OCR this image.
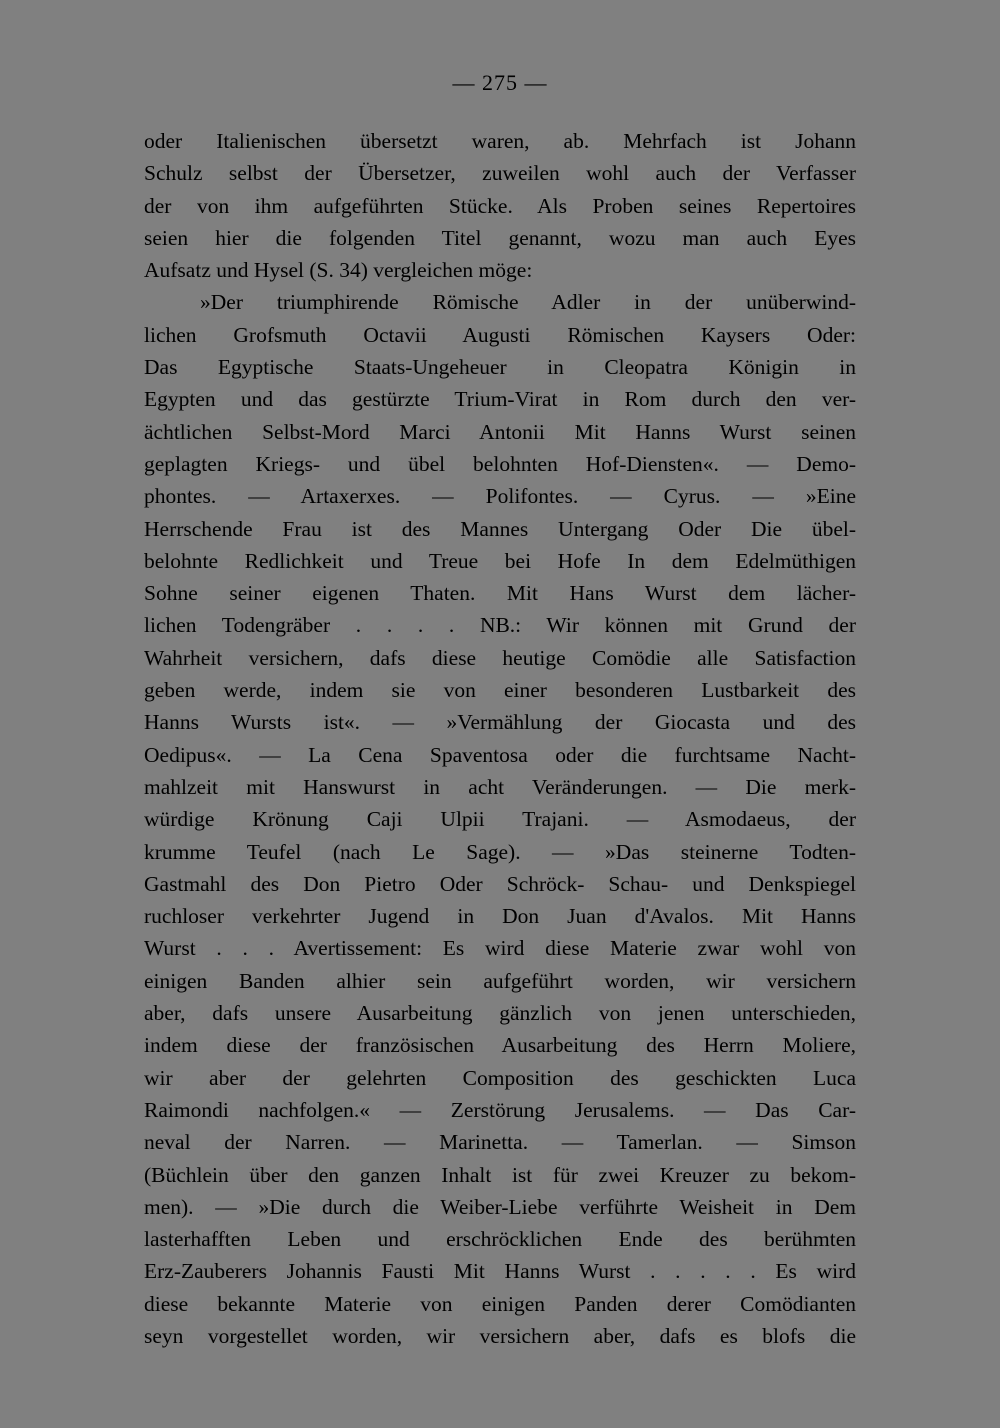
— 275 —
oder Italienischen übersetzt waren, ab. Mehrfach ist Johann
Schulz selbst der Übersetzer, zuweilen wohl auch der Verfasser
der von ihm aufgeführten Stücke. Als Proben seines Repertoires
seien hier die folgenden Titel genannt, wozu man auch Eyes
Aufsatz und Hysel (S. 34) vergleichen möge:
»Der triumphirende Römische Adler in der unüberwind-
lichen Grofsmuth Octavii Augusti Römischen Kaysers Oder:
Das Egyptische Staats-Ungeheuer in Cleopatra Königin in
Egypten und das gestürzte Trium-Virat in Rom durch den ver-
ächtlichen Selbst-Mord Marci Antonii Mit Hanns Wurst seinen
geplagten Kriegs- und übel belohnten Hof-Diensten«. — Demo-
phontes. — Artaxerxes. — Polifontes. — Cyrus. — »Eine
Herrschende Frau ist des Mannes Untergang Oder Die übel-
belohnte Redlichkeit und Treue bei Hofe In dem Edelmüthigen
Sohne seiner eigenen Thaten. Mit Hans Wurst dem lächer-
lichen Todengräber . . . . NB.: Wir können mit Grund der
Wahrheit versichern, dafs diese heutige Comödie alle Satisfaction
geben werde, indem sie von einer besonderen Lustbarkeit des
Hanns Wursts ist«. — »Vermählung der Giocasta und des
Oedipus«. — La Cena Spaventosa oder die furchtsame Nacht-
mahlzeit mit Hanswurst in acht Veränderungen. — Die merk-
würdige Krönung Caji Ulpii Trajani. — Asmodaeus, der
krumme Teufel (nach Le Sage). — »Das steinerne Todten-
Gastmahl des Don Pietro Oder Schröck- Schau- und Denkspiegel
ruchloser verkehrter Jugend in Don Juan d'Avalos. Mit Hanns
Wurst . . . Avertissement: Es wird diese Materie zwar wohl von
einigen Banden alhier sein aufgeführt worden, wir versichern
aber, dafs unsere Ausarbeitung gänzlich von jenen unterschieden,
indem diese der französischen Ausarbeitung des Herrn Moliere,
wir aber der gelehrten Composition des geschickten Luca
Raimondi nachfolgen.« — Zerstörung Jerusalems. — Das Car-
neval der Narren. — Marinetta. — Tamerlan. — Simson
(Büchlein über den ganzen Inhalt ist für zwei Kreuzer zu bekom-
men). — »Die durch die Weiber-Liebe verführte Weisheit in Dem
lasterhafften Leben und erschröcklichen Ende des berühmten
Erz-Zauberers Johannis Fausti Mit Hanns Wurst . . . . . Es wird
diese bekannte Materie von einigen Panden derer Comödianten
seyn vorgestellet worden, wir versichern aber, dafs es blofs die
